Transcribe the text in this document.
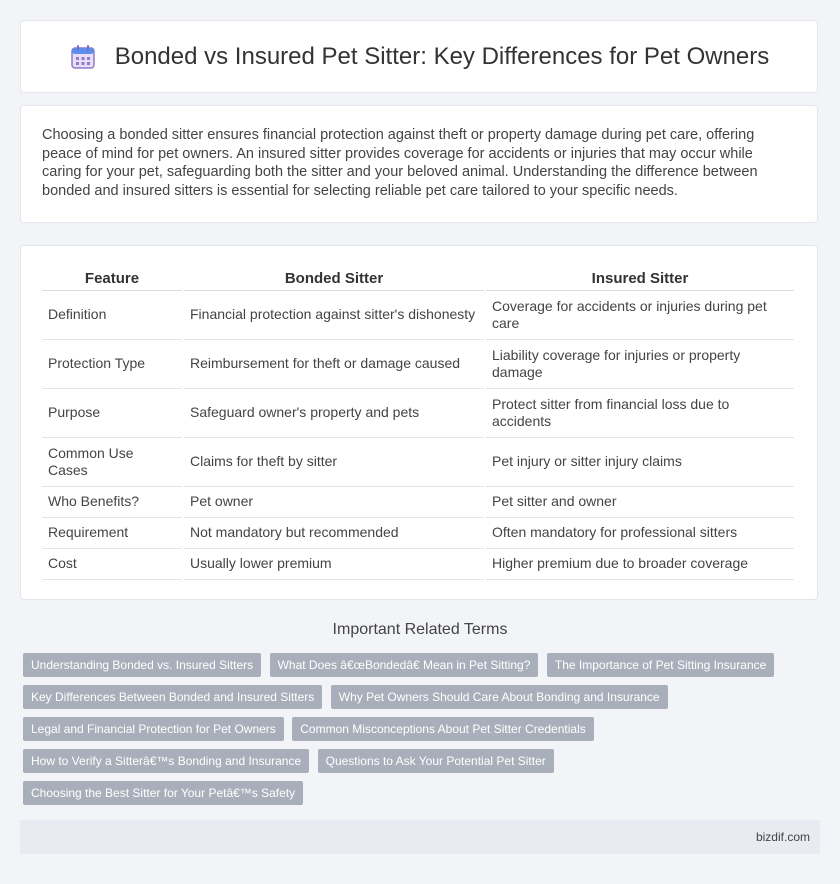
Bonded vs Insured Pet Sitter: Key Differences for Pet Owners

Choosing a bonded sitter ensures financial protection against theft or property damage during pet care, offering peace of mind for pet owners. An insured sitter provides coverage for accidents or injuries that may occur while caring for your pet, safeguarding both the sitter and your beloved animal. Understanding the difference between bonded and insured sitters is essential for selecting reliable pet care tailored to your specific needs.

Feature	Bonded Sitter	Insured Sitter
Definition	Financial protection against sitter's dishonesty	Coverage for accidents or injuries during pet care
Protection Type	Reimbursement for theft or damage caused	Liability coverage for injuries or property damage
Purpose	Safeguard owner's property and pets	Protect sitter from financial loss due to accidents
Common Use Cases	Claims for theft by sitter	Pet injury or sitter injury claims
Who Benefits?	Pet owner	Pet sitter and owner
Requirement	Not mandatory but recommended	Often mandatory for professional sitters
Cost	Usually lower premium	Higher premium due to broader coverage
Important Related Terms
Understanding Bonded vs. Insured Sitters What Does â€œBondedâ€ Mean in Pet Sitting? The Importance of Pet Sitting Insurance Key Differences Between Bonded and Insured Sitters Why Pet Owners Should Care About Bonding and Insurance Legal and Financial Protection for Pet Owners Common Misconceptions About Pet Sitter Credentials How to Verify a Sitterâ€™s Bonding and Insurance Questions to Ask Your Potential Pet Sitter Choosing the Best Sitter for Your Petâ€™s Safety
bizdif.com
